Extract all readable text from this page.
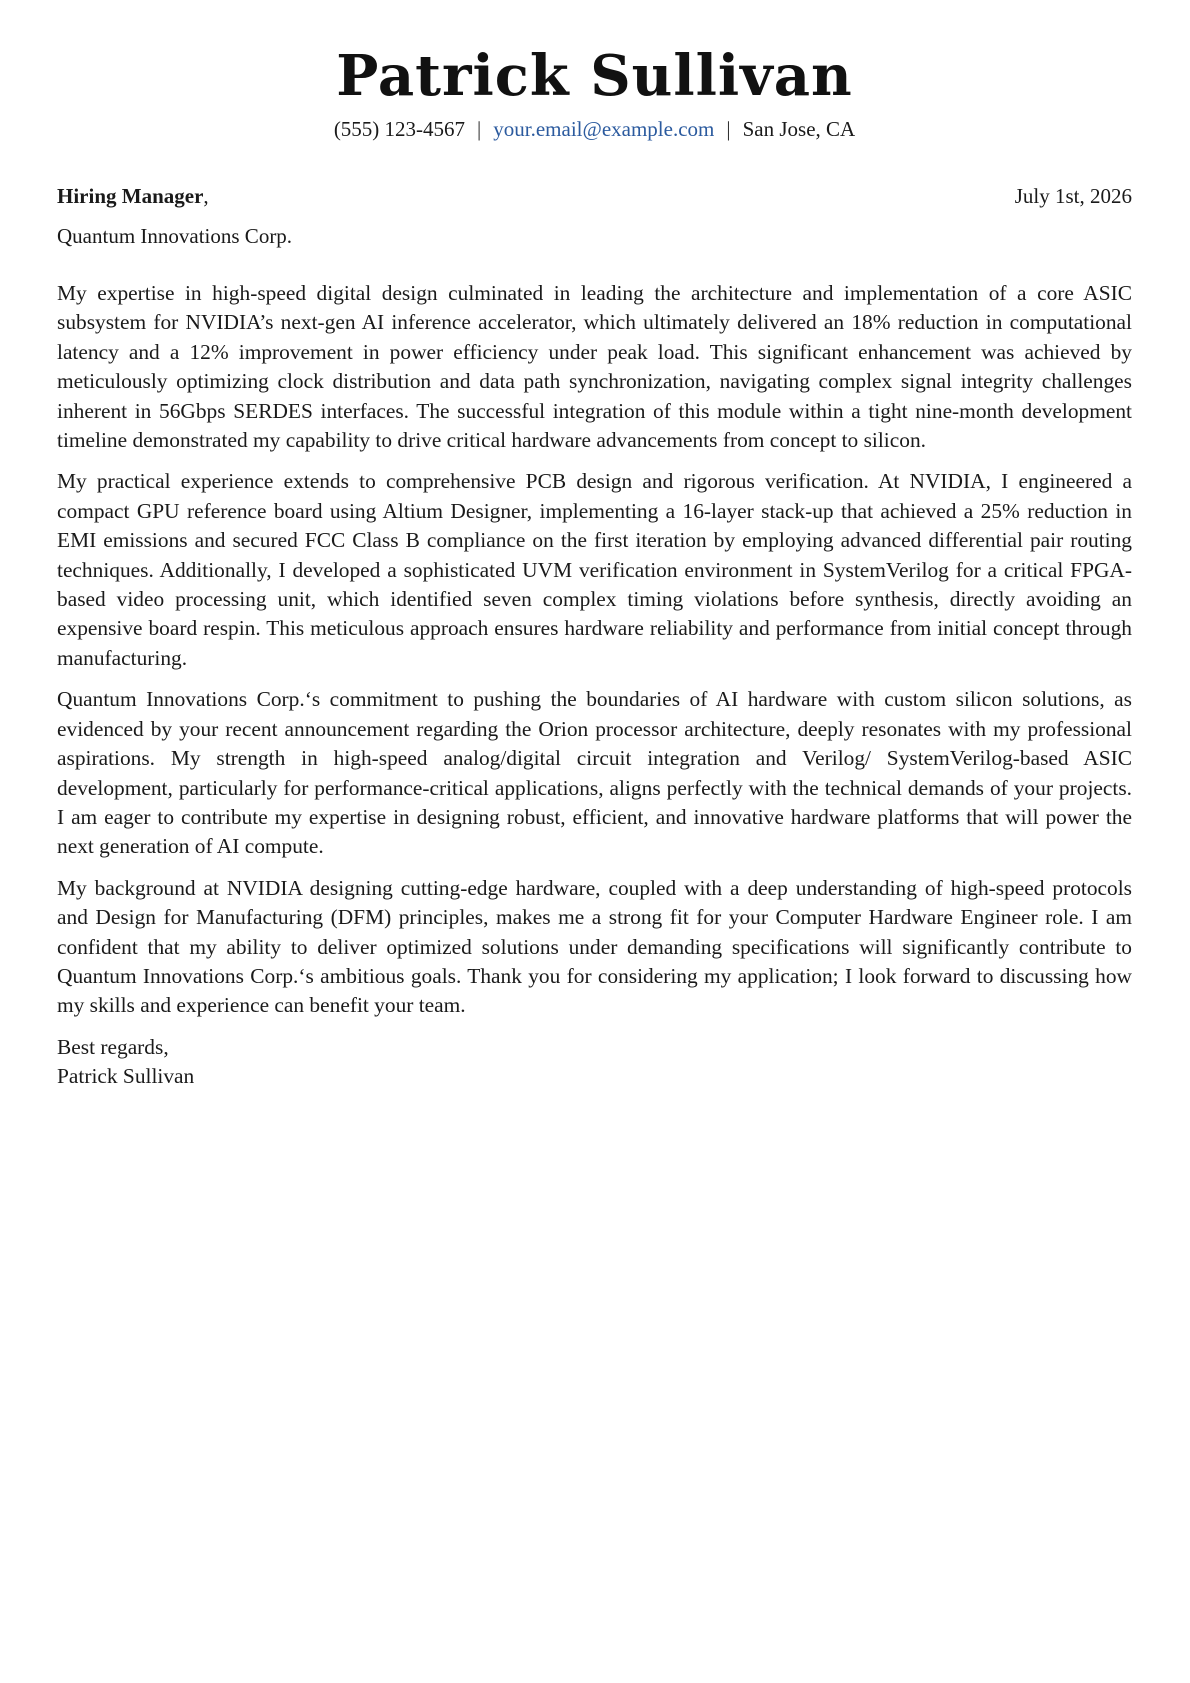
Patrick Sullivan
(555) 123-4567 | your.email@example.com | San Jose, CA
Hiring Manager,	July 1st, 2026
Quantum Innovations Corp.

My expertise in high-speed digital design culminated in leading the architecture and implementation of a core ASIC subsystem for NVIDIA’s next-gen AI inference accelerator, which ultimately delivered an 18% reduction in computational latency and a 12% improvement in power efficiency under peak load. This significant enhancement was achieved by meticulously optimizing clock distribution and data path synchronization, navigating complex signal integrity challenges inherent in 56Gbps SERDES interfaces. The successful integration of this module within a tight nine-month development timeline demonstrated my capability to drive critical hardware advancements from concept to silicon.

My practical experience extends to comprehensive PCB design and rigorous verification. At NVIDIA, I engineered a compact GPU reference board using Altium Designer, implementing a 16-layer stack-up that achieved a 25% reduction in EMI emissions and secured FCC Class B compliance on the first iteration by employing advanced differential pair routing techniques. Additionally, I developed a sophisticated UVM verification environment in SystemVerilog for a critical FPGA-based video processing unit, which identified seven complex timing violations before synthesis, directly avoiding an expensive board respin. This meticulous approach ensures hardware reliability and performance from initial concept through manufacturing.

Quantum Innovations Corp.‘s commitment to pushing the boundaries of AI hardware with custom silicon solutions, as evidenced by your recent announcement regarding the Orion processor architecture, deeply resonates with my professional aspirations. My strength in high-speed analog/digital circuit integration and Verilog/ SystemVerilog-based ASIC development, particularly for performance-critical applications, aligns perfectly with the technical demands of your projects. I am eager to contribute my expertise in designing robust, efficient, and innovative hardware platforms that will power the next generation of AI compute.

My background at NVIDIA designing cutting-edge hardware, coupled with a deep understanding of high-speed protocols and Design for Manufacturing (DFM) principles, makes me a strong fit for your Computer Hardware Engineer role. I am confident that my ability to deliver optimized solutions under demanding specifications will significantly contribute to Quantum Innovations Corp.‘s ambitious goals. Thank you for considering my application; I look forward to discussing how my skills and experience can benefit your team.

Best regards,
Patrick Sullivan
